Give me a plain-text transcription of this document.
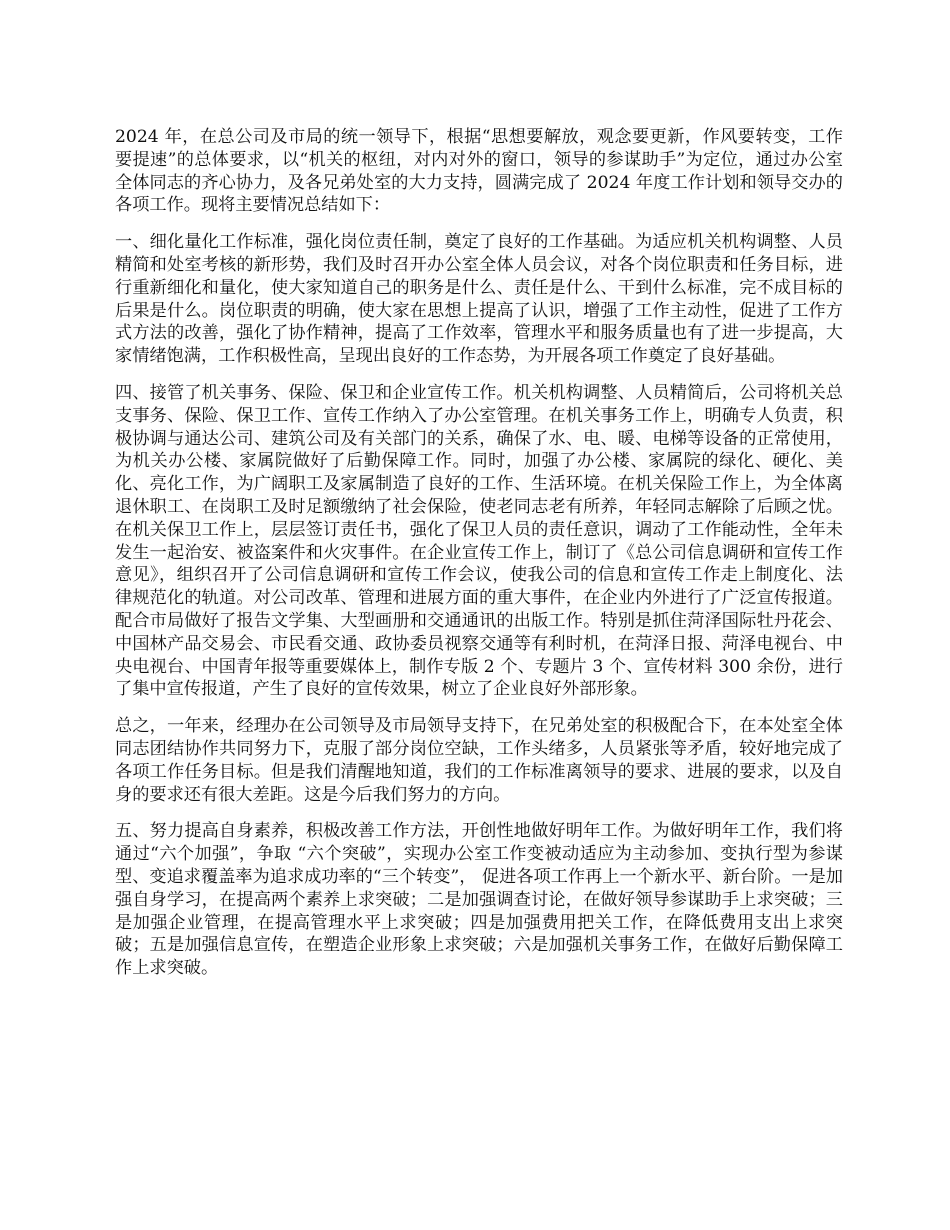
2024 年，在总公司及市局的统一领导下，根据“思想要解放，观念要更新，作风要转变，工作要提速”的总体要求，以“机关的枢纽，对内对外的窗口，领导的参谋助手”为定位，通过办公室全体同志的齐心协力，及各兄弟处室的大力支持，圆满完成了 2024 年度工作计划和领导交办的各项工作。现将主要情况总结如下：

一、细化量化工作标准，强化岗位责任制，奠定了良好的工作基础。为适应机关机构调整、人员精简和处室考核的新形势，我们及时召开办公室全体人员会议，对各个岗位职责和任务目标，进行重新细化和量化，使大家知道自己的职务是什么、责任是什么、干到什么标准，完不成目标的后果是什么。岗位职责的明确，使大家在思想上提高了认识，增强了工作主动性，促进了工作方式方法的改善，强化了协作精神，提高了工作效率，管理水平和服务质量也有了进一步提高，大家情绪饱满，工作积极性高，呈现出良好的工作态势，为开展各项工作奠定了良好基础。

四、接管了机关事务、保险、保卫和企业宣传工作。机关机构调整、人员精简后，公司将机关总支事务、保险、保卫工作、宣传工作纳入了办公室管理。在机关事务工作上，明确专人负责，积极协调与通达公司、建筑公司及有关部门的关系，确保了水、电、暖、电梯等设备的正常使用，为机关办公楼、家属院做好了后勤保障工作。同时，加强了办公楼、家属院的绿化、硬化、美化、亮化工作，为广阔职工及家属制造了良好的工作、生活环境。在机关保险工作上，为全体离退休职工、在岗职工及时足额缴纳了社会保险，使老同志老有所养，年轻同志解除了后顾之忧。在机关保卫工作上，层层签订责任书，强化了保卫人员的责任意识，调动了工作能动性，全年未发生一起治安、被盗案件和火灾事件。在企业宣传工作上，制订了《总公司信息调研和宣传工作意见》，组织召开了公司信息调研和宣传工作会议，使我公司的信息和宣传工作走上制度化、法律规范化的轨道。对公司改革、管理和进展方面的重大事件，在企业内外进行了广泛宣传报道。配合市局做好了报告文学集、大型画册和交通通讯的出版工作。特别是抓住菏泽国际牡丹花会、中国林产品交易会、市民看交通、政协委员视察交通等有利时机，在菏泽日报、菏泽电视台、中央电视台、中国青年报等重要媒体上，制作专版 2 个、专题片 3 个、宣传材料 300 余份，进行了集中宣传报道，产生了良好的宣传效果，树立了企业良好外部形象。

总之，一年来，经理办在公司领导及市局领导支持下，在兄弟处室的积极配合下，在本处室全体同志团结协作共同努力下，克服了部分岗位空缺，工作头绪多，人员紧张等矛盾，较好地完成了各项工作任务目标。但是我们清醒地知道，我们的工作标准离领导的要求、进展的要求，以及自身的要求还有很大差距。这是今后我们努力的方向。

五、努力提高自身素养，积极改善工作方法，开创性地做好明年工作。为做好明年工作，我们将通过“六个加强”，争取 “六个突破”，实现办公室工作变被动适应为主动参加、变执行型为参谋型、变追求覆盖率为追求成功率的“三个转变”， 促进各项工作再上一个新水平、新台阶。一是加强自身学习，在提高两个素养上求突破；二是加强调查讨论，在做好领导参谋助手上求突破；三是加强企业管理，在提高管理水平上求突破；四是加强费用把关工作，在降低费用支出上求突破；五是加强信息宣传，在塑造企业形象上求突破；六是加强机关事务工作，在做好后勤保障工作上求突破。
